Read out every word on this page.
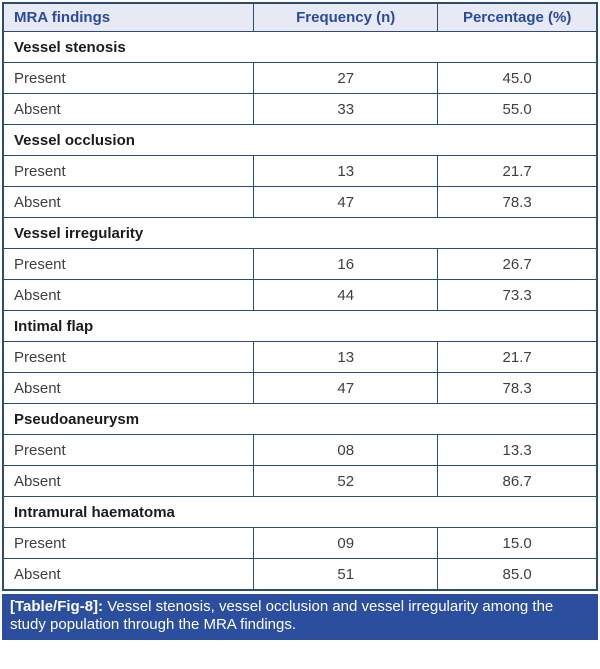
MRA findings	Frequency (n)	Percentage (%)
Vessel stenosis		
Present	27	45.0
Absent	33	55.0
Vessel occlusion		
Present	13	21.7
Absent	47	78.3
Vessel irregularity		
Present	16	26.7
Absent	44	73.3
Intimal flap		
Present	13	21.7
Absent	47	78.3
Pseudoaneurysm		
Present	08	13.3
Absent	52	86.7
Intramural haematoma		
Present	09	15.0
Absent	51	85.0
[Table/Fig-8]: Vessel stenosis, vessel occlusion and vessel irregularity among the study population through the MRA findings.
